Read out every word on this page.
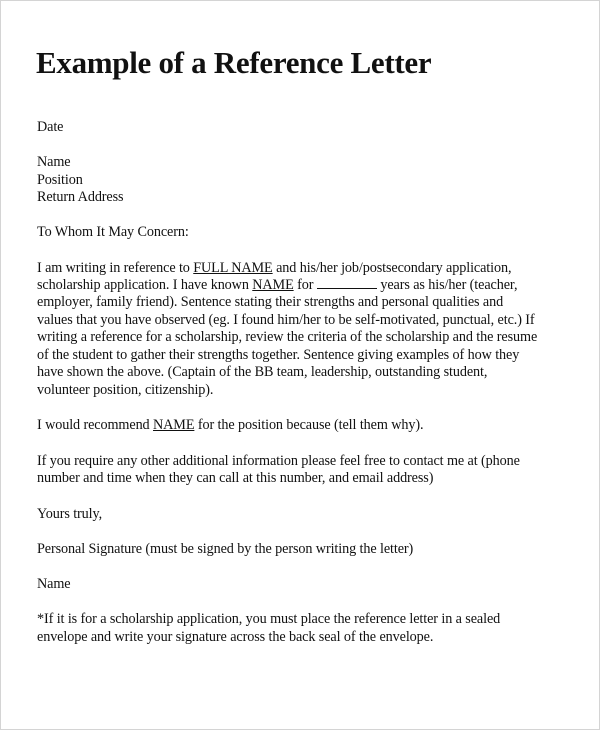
Example of a Reference Letter
Date
Name
Position
Return Address
To Whom It May Concern:
I am writing in reference to FULL NAME and his/her job/postsecondary application,
scholarship application. I have known NAME for	years as his/her (teacher,
employer, family friend). Sentence stating their strengths and personal qualities and
values that you have observed (eg. I found him/her to be self-motivated, punctual, etc.) If
writing a reference for a scholarship, review the criteria of the scholarship and the resume
of the student to gather their strengths together. Sentence giving examples of how they
have shown the above. (Captain of the BB team, leadership, outstanding student,
volunteer position, citizenship).
I would recommend NAME for the position because (tell them why).
If you require any other additional information please feel free to contact me at (phone
number and time when they can call at this number, and email address)
Yours truly,
Personal Signature (must be signed by the person writing the letter)
Name
*If it is for a scholarship application, you must place the reference letter in a sealed
envelope and write your signature across the back seal of the envelope.
